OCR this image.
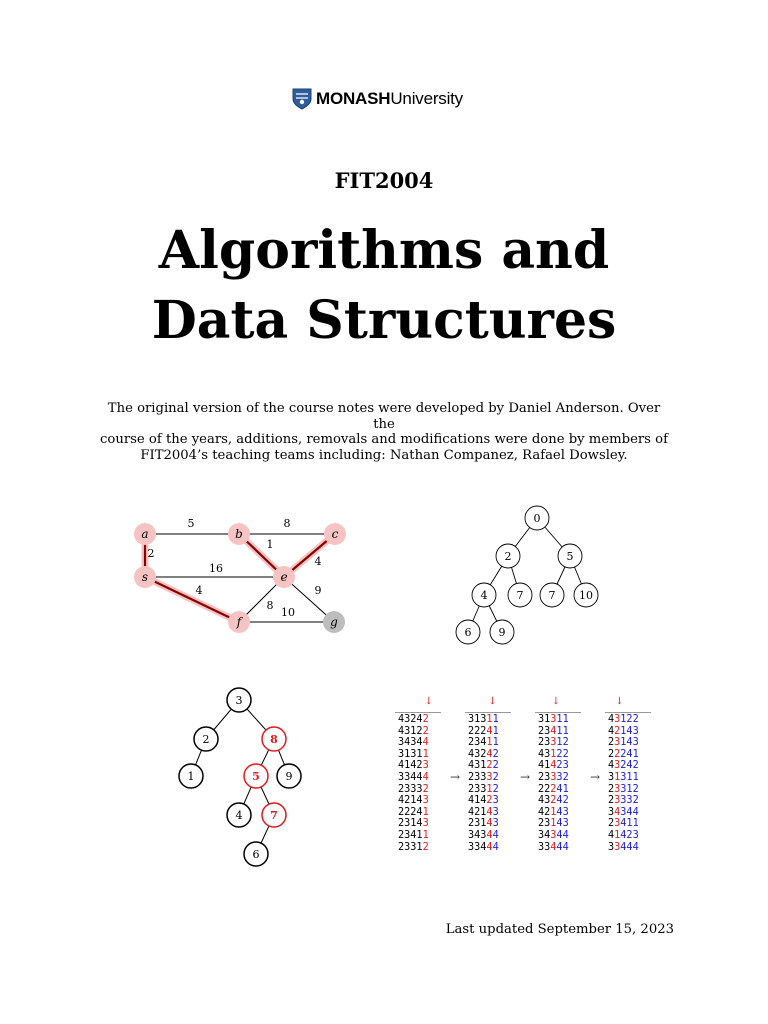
MONASHUniversity
FIT2004
Algorithms and
Data Structures
The original version of the course notes were developed by Daniel Anderson. Over the
course of the years, additions, removals and modifications were done by members of
FIT2004’s teaching teams including: Nathan Companez, Rafael Dowsley.
5	8
2
1
4
16
4
8
9
10
a	b	c
s	e
f	g
0
2	5
4	7 7 10
6 9
3
2	8
1	5 9
4	7
6
↓
43242
43122
34344
31311
41423
33444
23332
42143
22241
23143
23411
23312
→
↓
31311
22241
23411
43242
43122
23332
23312
41423
42143
23143
34344
33444
→
↓
31311
23411
23312
43122
41423
23332
22241
43242
42143
23143
34344
33444
→
↓
43122
42143
23143
22241
43242
31311
23312
23332
34344
23411
41423
33444
Last updated September 15, 2023
